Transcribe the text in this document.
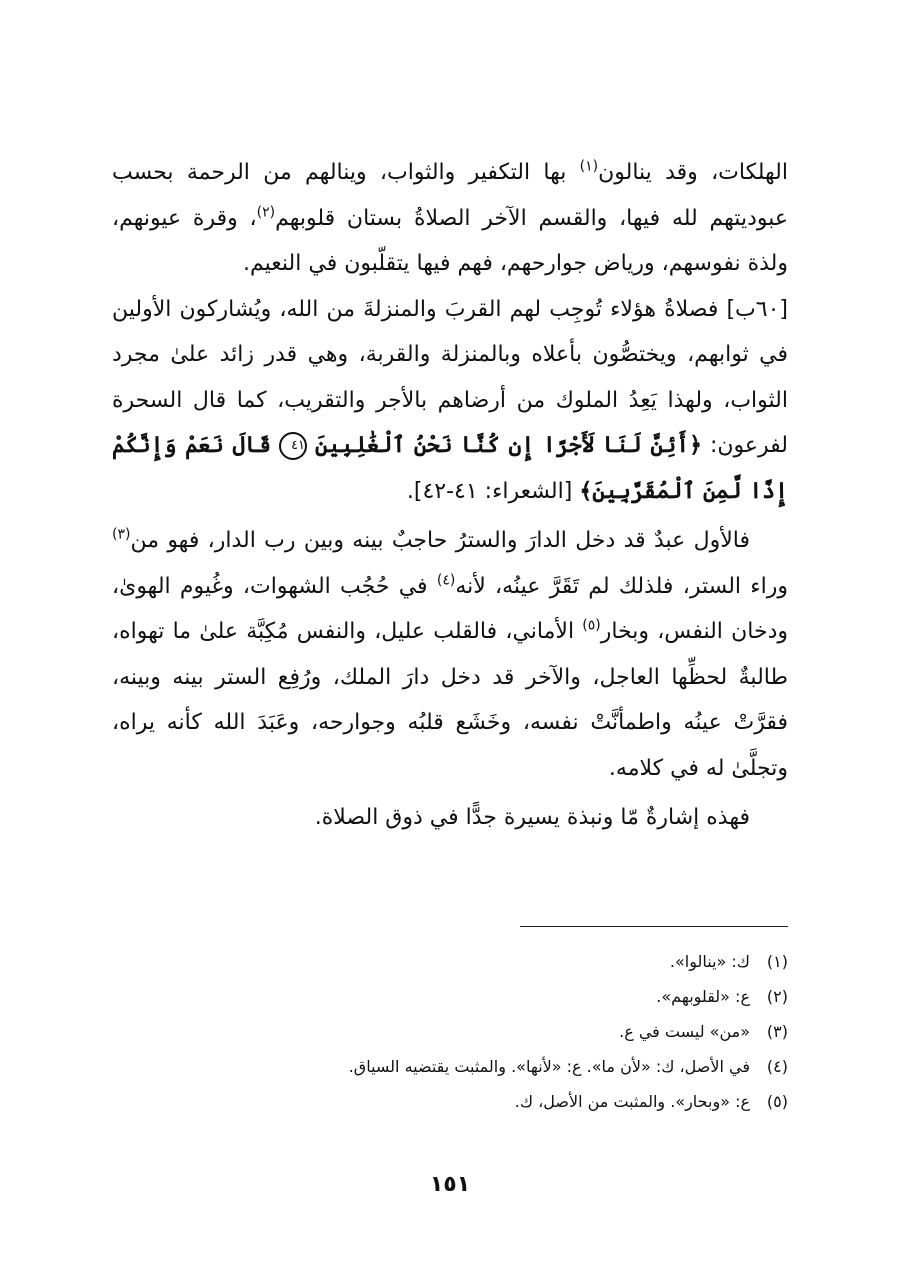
الهلكات، وقد ينالون$^{(١)}$ بها التكفير والثواب، وينالهم من الرحمة بحسب عبوديتهم لله فيها، والقسم الآخر الصلاةُ بستان قلوبهم$^{(٢)}$، وقرة عيونهم، ولذة نفوسهم، ورياض جوارحهم، فهم فيها يتقلّبون في النعيم.

[٦٠ب] فصلاةُ هؤلاء تُوجِب لهم القربَ والمنزلةَ من الله، ويُشاركون الأولين في ثوابهم، ويختصُّون بأعلاه وبالمنزلة والقربة، وهي قدر زائد علىٰ مجرد الثواب، ولهذا يَعِدُ الملوك من أرضاهم بالأجر والتقريب، كما قال السحرة لفرعون: ﴿أَئِنَّ لَنَا لَأَجْرًا إِن كُنَّا نَحْنُ ٱلْغَٰلِبِينَ ٤١ قَالَ نَعَمْ وَإِنَّكُمْ إِذًا لَّمِنَ ٱلْمُقَرَّبِينَ﴾ [الشعراء: ٤١-٤٢].

فالأول عبدٌ قد دخل الدارَ والسترُ حاجبٌ بينه وبين رب الدار، فهو من$^{(٣)}$ وراء الستر، فلذلك لم تَقَرَّ عينُه، لأنه$^{(٤)}$ في حُجُب الشهوات، وغُيوم الهوىٰ، ودخان النفس، وبخار$^{(٥)}$ الأماني، فالقلب عليل، والنفس مُكِبَّة علىٰ ما تهواه، طالبةٌ لحظِّها العاجل، والآخر قد دخل دارَ الملك، ورُفِع الستر بينه وبينه، فقرَّتْ عينُه واطمأنَّتْ نفسه، وخَشَع قلبُه وجوارحه، وعَبَدَ الله كأنه يراه، وتجلَّىٰ له في كلامه.

فهذه إشارةٌ مّا ونبذة يسيرة جدًّا في ذوق الصلاة.

(١)ك: «ينالوا».
(٢)ع: «لقلوبهم».
(٣)«من» ليست في ع.
(٤)في الأصل، ك: «لأن ما». ع: «لأنها». والمثبت يقتضيه السياق.
(٥)ع: «وبحار». والمثبت من الأصل، ك.
١٥١
